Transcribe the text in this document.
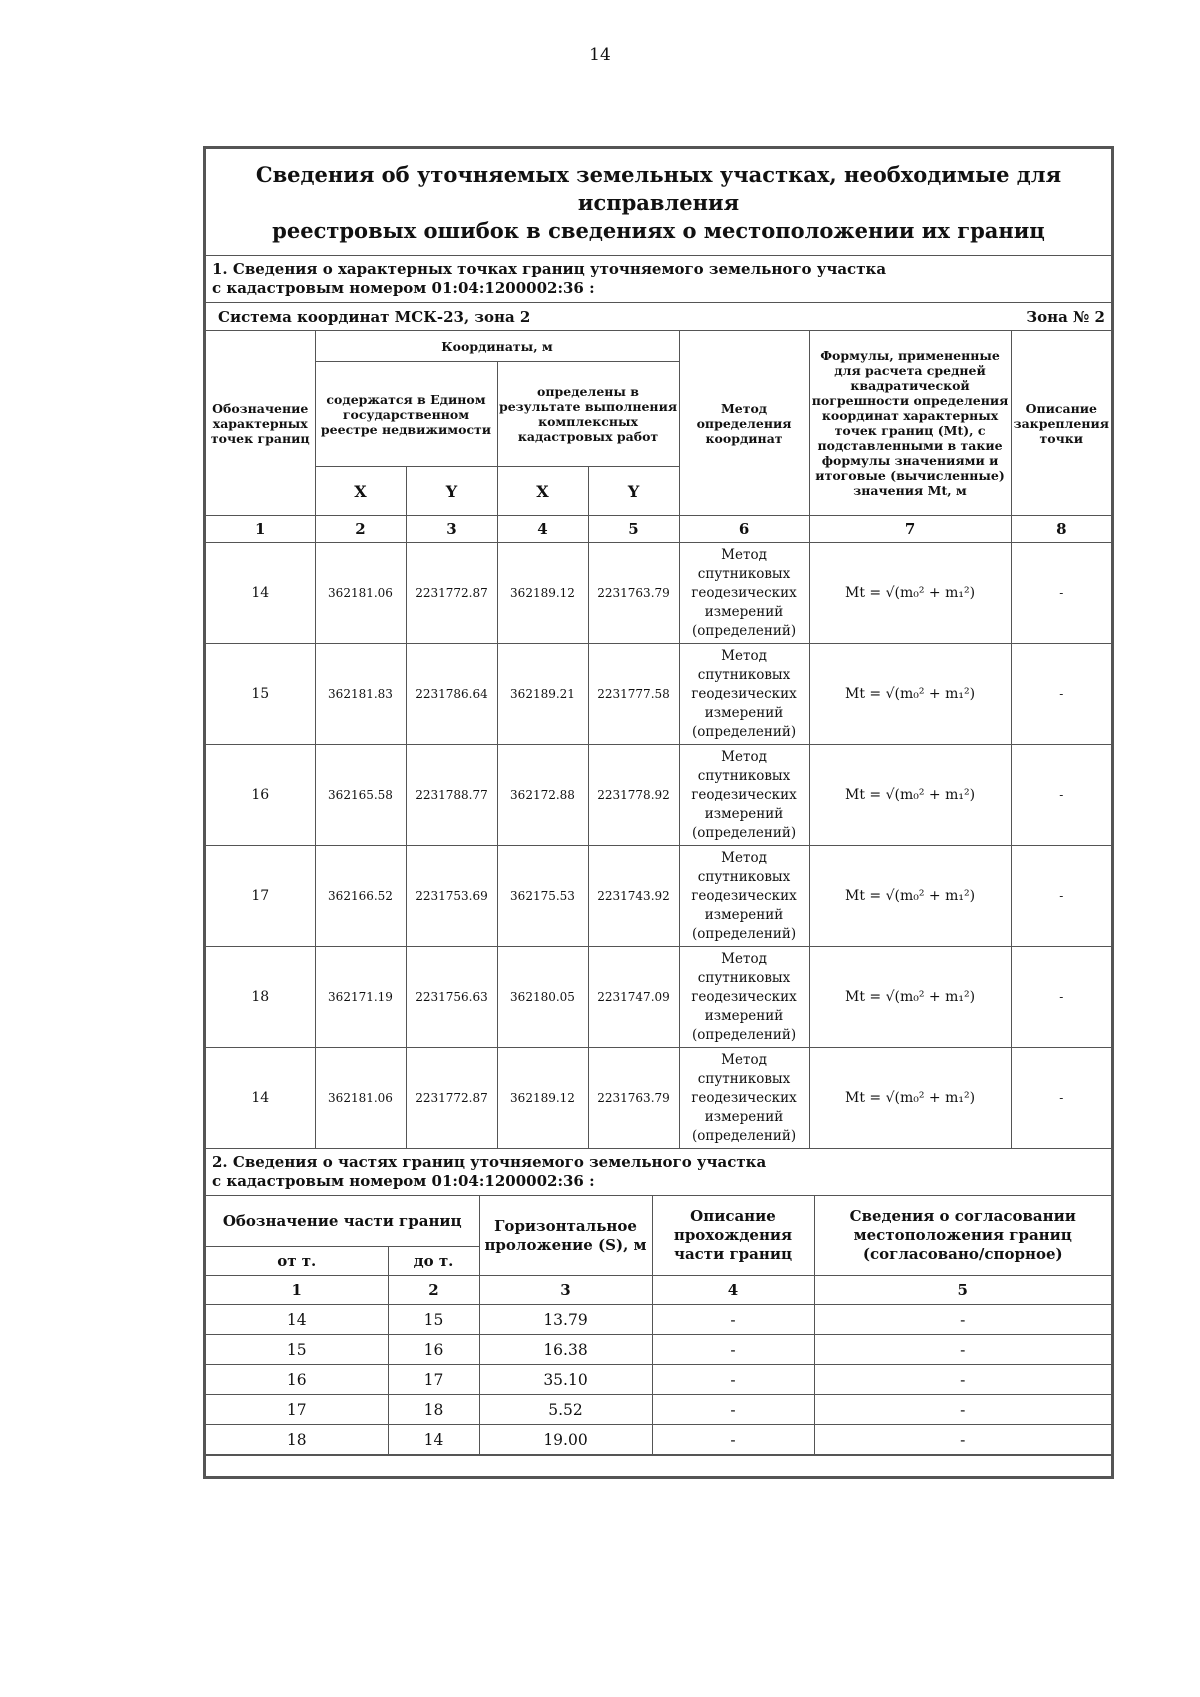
14
Сведения об уточняемых земельных участках, необходимые для исправления
реестровых ошибок в сведениях о местоположении их границ
1. Сведения о характерных точках границ уточняемого земельного участка
с кадастровым номером 01:04:1200002:36 :
Система координат МСК-23, зона 2	Зона № 2
Обозначение характерных точек границ	Координаты, м				Метод определения координат	Формулы, примененные для расчета средней квадратической погрешности определения координат характерных точек границ (Mt), с подставленными в такие формулы значениями и итоговые (вычисленные) значения Mt, м	Описание закрепления точки
	содержатся в Едином государственном реестре недвижимости		определены в результате выполнения комплексных кадастровых работ				
	X	Y	X	Y			
1	2	3	4	5	6	7	8
14	362181.06	2231772.87	362189.12	2231763.79	Метод спутниковых геодезических измерений (определений)	Mt = √(m₀² + m₁²)	-
15	362181.83	2231786.64	362189.21	2231777.58	Метод спутниковых геодезических измерений (определений)	Mt = √(m₀² + m₁²)	-
16	362165.58	2231788.77	362172.88	2231778.92	Метод спутниковых геодезических измерений (определений)	Mt = √(m₀² + m₁²)	-
17	362166.52	2231753.69	362175.53	2231743.92	Метод спутниковых геодезических измерений (определений)	Mt = √(m₀² + m₁²)	-
18	362171.19	2231756.63	362180.05	2231747.09	Метод спутниковых геодезических измерений (определений)	Mt = √(m₀² + m₁²)	-
14	362181.06	2231772.87	362189.12	2231763.79	Метод спутниковых геодезических измерений (определений)	Mt = √(m₀² + m₁²)	-
2. Сведения о частях границ уточняемого земельного участка
с кадастровым номером 01:04:1200002:36 :
Обозначение части границ		Горизонтальное проложение (S), м	Описание прохождения части границ	Сведения о согласовании местоположения границ (согласовано/спорное)
от т.	до т.			
1	2	3	4	5
14	15	13.79	-	-
15	16	16.38	-	-
16	17	35.10	-	-
17	18	5.52	-	-
18	14	19.00	-	-
